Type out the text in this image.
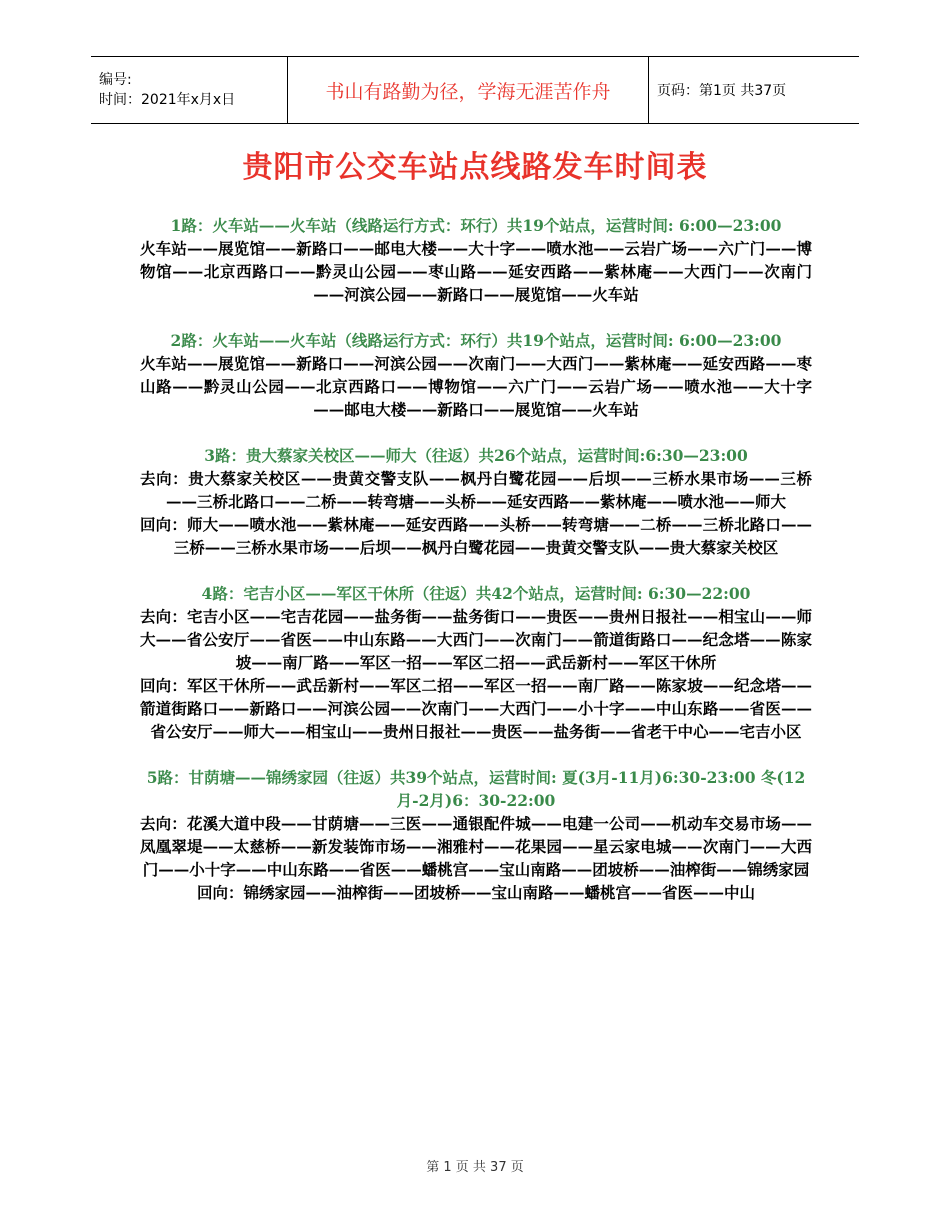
编号:
时间：2021年x月x日	书山有路勤为径，学海无涯苦作舟	页码：第1页 共37页
贵阳市公交车站点线路发车时间表
1路：火车站——火车站（线路运行方式：环行）共19个站点，运营时间: 6:00—23:00
火车站——展览馆——新路口——邮电大楼——大十字——喷水池——云岩广场——六广门——博物馆——北京西路口——黔灵山公园——枣山路——延安西路——紫林庵——大西门——次南门——河滨公园——新路口——展览馆——火车站
2路：火车站——火车站（线路运行方式：环行）共19个站点，运营时间: 6:00—23:00
火车站——展览馆——新路口——河滨公园——次南门——大西门——紫林庵——延安西路——枣山路——黔灵山公园——北京西路口——博物馆——六广门——云岩广场——喷水池——大十字——邮电大楼——新路口——展览馆——火车站
3路：贵大蔡家关校区——师大（往返）共26个站点，运营时间:6:30—23:00
去向：贵大蔡家关校区——贵黄交警支队——枫丹白鹭花园——后坝——三桥水果市场——三桥——三桥北路口——二桥——转弯塘——头桥——延安西路——紫林庵——喷水池——师大
回向：师大——喷水池——紫林庵——延安西路——头桥——转弯塘——二桥——三桥北路口——三桥——三桥水果市场——后坝——枫丹白鹭花园——贵黄交警支队——贵大蔡家关校区
4路：宅吉小区——军区干休所（往返）共42个站点，运营时间: 6:30—22:00
去向：宅吉小区——宅吉花园——盐务街——盐务街口——贵医——贵州日报社——相宝山——师大——省公安厅——省医——中山东路——大西门——次南门——箭道街路口——纪念塔——陈家坡——南厂路——军区一招——军区二招——武岳新村——军区干休所
回向：军区干休所——武岳新村——军区二招——军区一招——南厂路——陈家坡——纪念塔——箭道街路口——新路口——河滨公园——次南门——大西门——小十字——中山东路——省医——省公安厅——师大——相宝山——贵州日报社——贵医——盐务街——省老干中心——宅吉小区
5路：甘荫塘——锦绣家园（往返）共39个站点，运营时间: 夏(3月-11月)6:30-23:00 冬(12月-2月)6：30-22:00
去向：花溪大道中段——甘荫塘——三医——通银配件城——电建一公司——机动车交易市场——凤凰翠堤——太慈桥——新发装饰市场——湘雅村——花果园——星云家电城——次南门——大西门——小十字——中山东路——省医——蟠桃宫——宝山南路——团坡桥——油榨街——锦绣家园
回向：锦绣家园——油榨街——团坡桥——宝山南路——蟠桃宫——省医——中山
第 1 页 共 37 页
